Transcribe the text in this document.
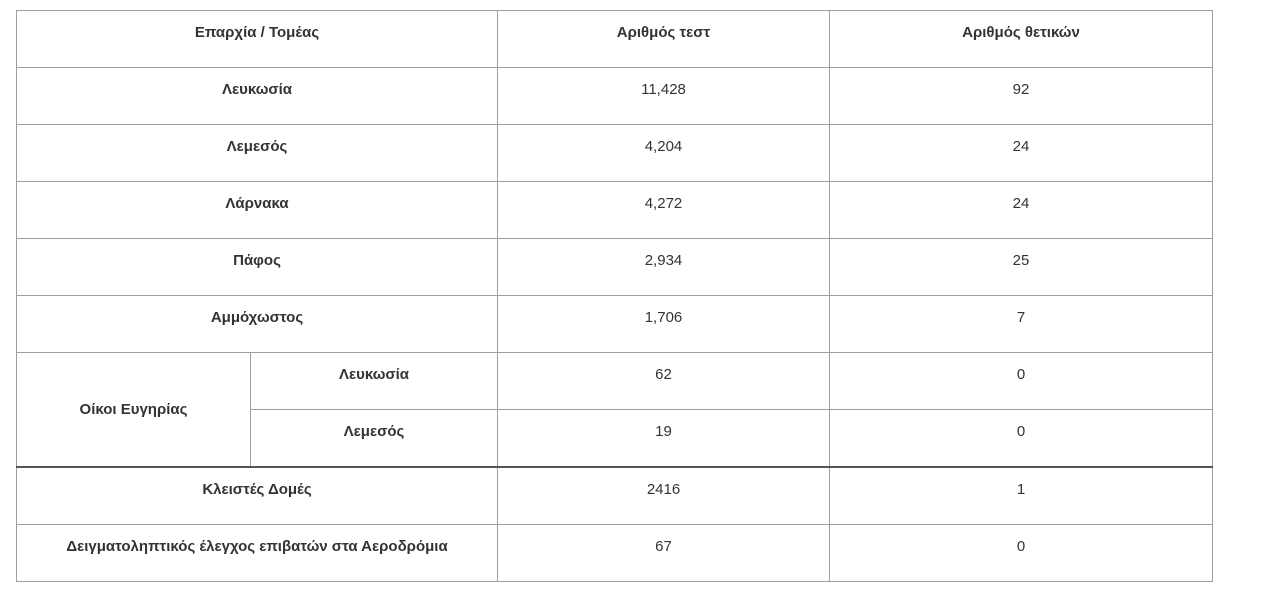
Επαρχία / Τομέας		Αριθμός τεστ	Αριθμός θετικών
Λευκωσία		11,428	92
Λεμεσός		4,204	24
Λάρνακα		4,272	24
Πάφος		2,934	25
Αμμόχωστος		1,706	7
Οίκοι Ευγηρίας	Λευκωσία	62	0
	Λεμεσός	19	0
Κλειστές Δομές		2416	1
Δειγματοληπτικός έλεγχος επιβατών στα Αεροδρόμια		67	0
